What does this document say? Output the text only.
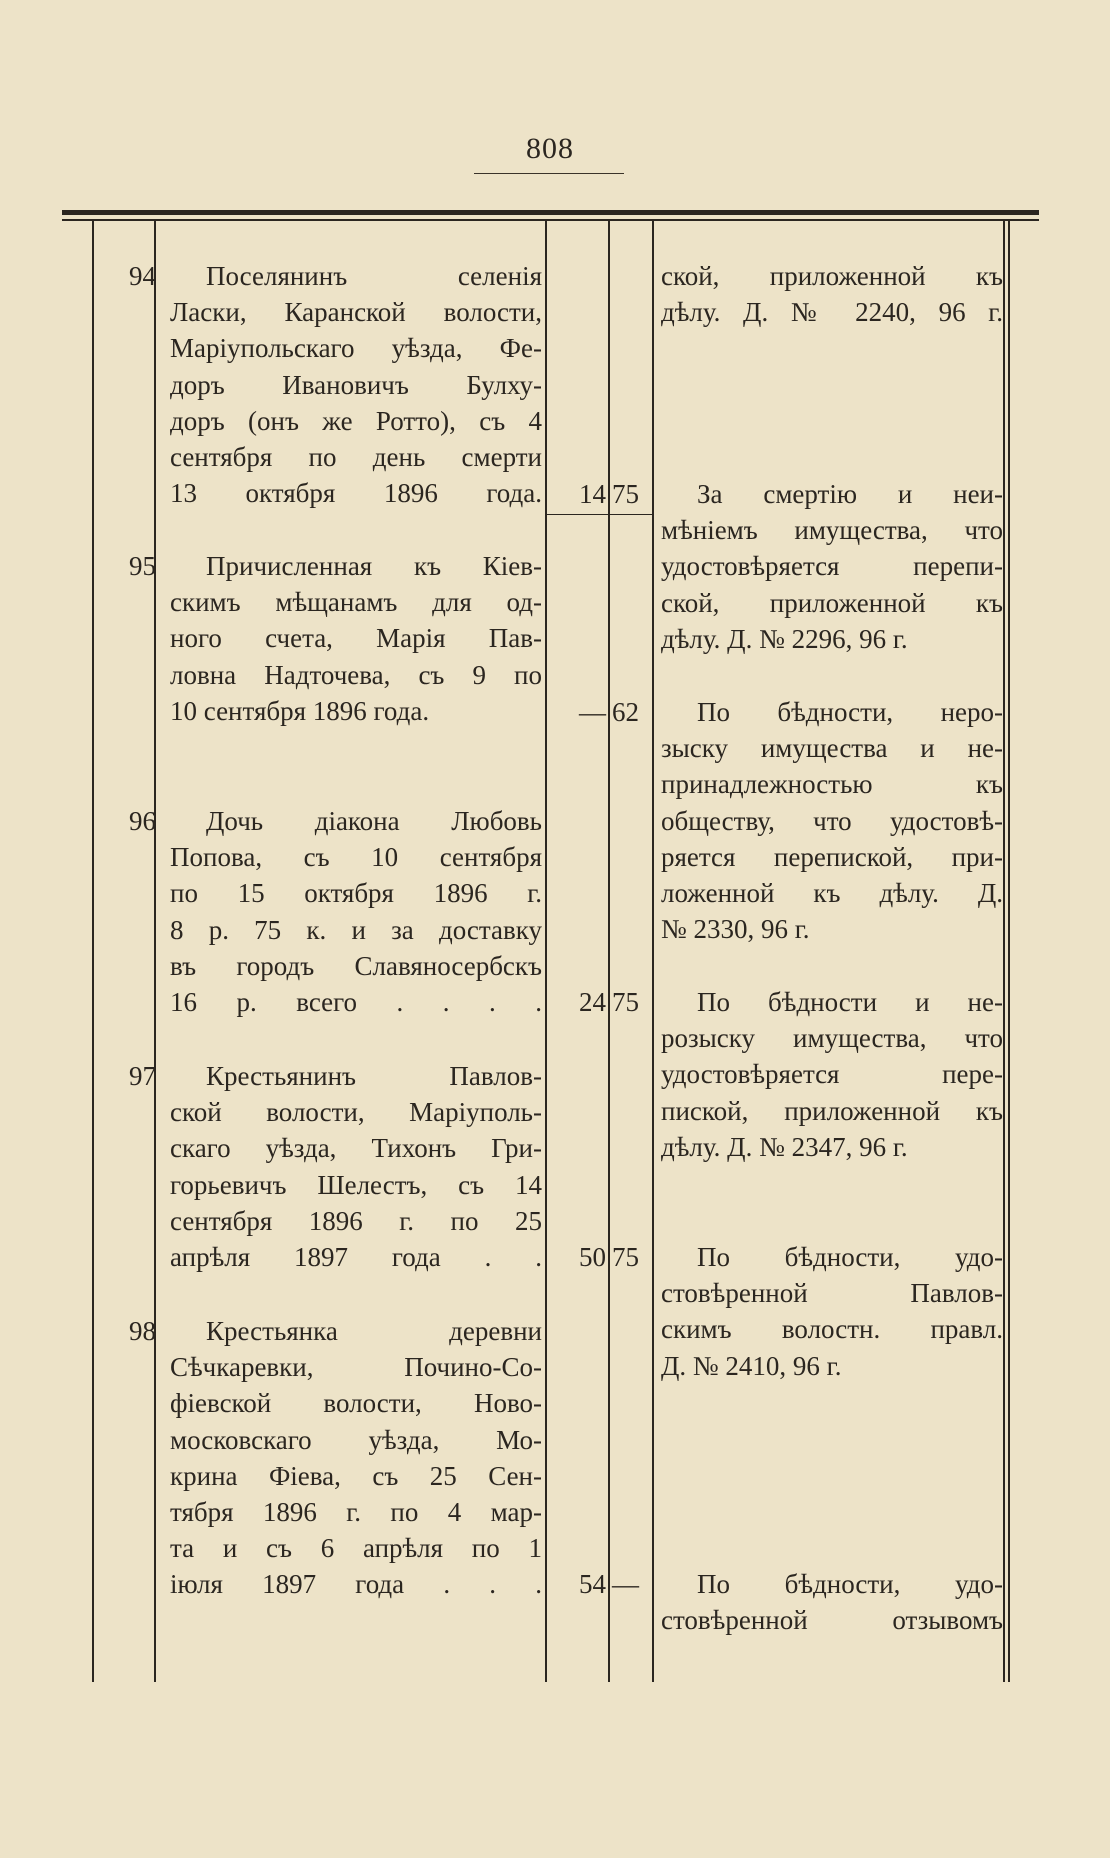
808
ской, приложенной къ
дѣлу. Д. № 2240, 96 г.
94	Поселянинъ селенія
Ласки, Каранской волости,
Маріупольскаго уѣзда, Фе-
доръ Ивановичъ Булху-
доръ (онъ же Ротто), съ 4
сентября по день смерти
13 октября 1896 года.	14 75	За смертію и неи-
мѣніемъ имущества, что
удостовѣряется перепи-
ской, приложенной къ
дѣлу. Д. № 2296, 96 г.
95	Причисленная къ Кіев-
скимъ мѣщанамъ для од-
ного счета, Марія Пав-
ловна Надточева, съ 9 по
10 сентября 1896 года.	— 62	По бѣдности, неро-
зыску имущества и не-
принадлежностью къ
обществу, что удостовѣ-
ряется перепиской, при-
ложенной къ дѣлу. Д.
№ 2330, 96 г.
96	Дочь діакона Любовь
Попова, съ 10 сентября
по 15 октября 1896 г.
8 р. 75 к. и за доставку
въ городъ Славяносербскъ
16 р. всего . . . .	24 75	По бѣдности и не-
розыску имущества, что
удостовѣряется пере-
пиской, приложенной къ
дѣлу. Д. № 2347, 96 г.
97	Крестьянинъ Павлов-
ской волости, Маріуполь-
скаго уѣзда, Тихонъ Гри-
горьевичъ Шелестъ, съ 14
сентября 1896 г. по 25
апрѣля 1897 года . .	50 75	По бѣдности, удо-
стовѣренной Павлов-
скимъ волостн. правл.
Д. № 2410, 96 г.
98	Крестьянка деревни
Сѣчкаревки, Почино-Со-
фіевской волости, Ново-
московскаго уѣзда, Мо-
крина Фіева, съ 25 Сен-
тября 1896 г. по 4 мар-
та и съ 6 апрѣля по 1
іюля 1897 года . . .	54 —	По бѣдности, удо-
стовѣренной отзывомъ
